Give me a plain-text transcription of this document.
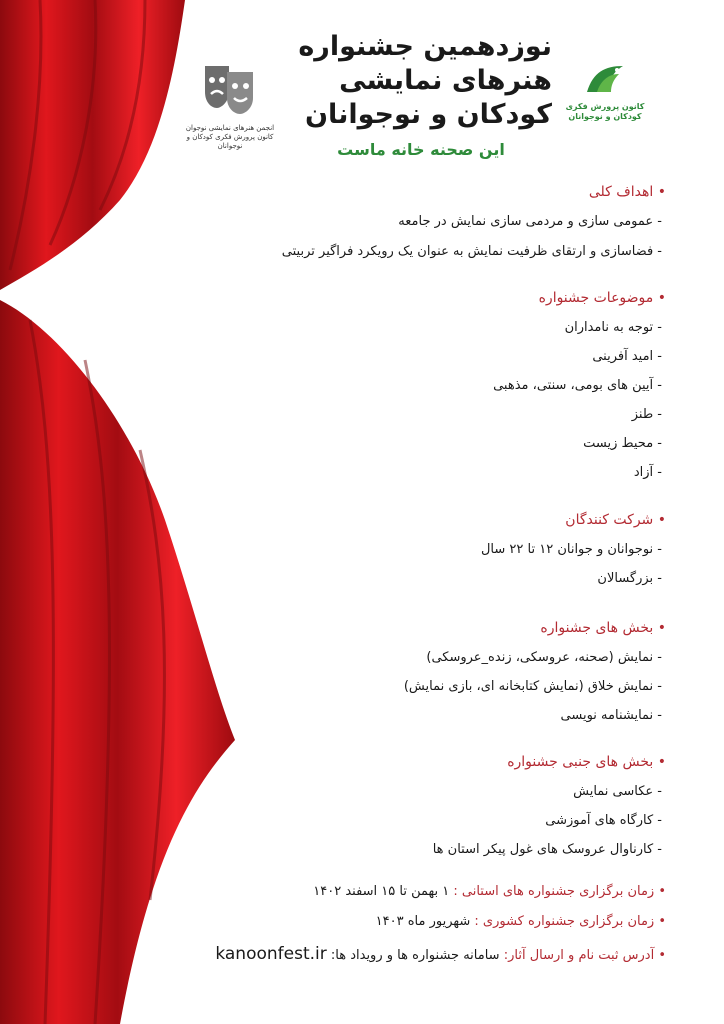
انجمن هنرهای نمایشی نوجوان
کانون پرورش فکری کودکان و نوجوانان
نوزدهمین جشنواره
هنرهای نمایشی
کودکان و نوجوانان
این صحنه خانه ماست
کانون پرورش فکری
کودکان و نوجوانان
• اهداف کلی
- عمومی سازی و مردمی سازی نمایش در جامعه
- فضاسازی و ارتقای ظرفیت نمایش به عنوان یک رویکرد فراگیر تربیتی
• موضوعات جشنواره
- توجه به نامداران
- امید آفرینی
- آیین های بومی، سنتی، مذهبی
- طنز
- محیط زیست
- آزاد
• شرکت کنندگان
- نوجوانان و جوانان ۱۲ تا ۲۲ سال
- بزرگسالان
• بخش های جشنواره
- نمایش (صحنه، عروسکی، زنده_عروسکی)
- نمایش خلاق (نمایش کتابخانه ای، بازی نمایش)
- نمایشنامه نویسی
• بخش های جنبی جشنواره
- عکاسی نمایش
- کارگاه های آموزشی
- کارناوال عروسک های غول پیکر استان ها
• زمان برگزاری جشنواره های استانی : ۱ بهمن تا ۱۵ اسفند ۱۴۰۲
• زمان برگزاری جشنواره کشوری : شهریور ماه ۱۴۰۳
• آدرس ثبت نام و ارسال آثار: سامانه جشنواره ها و رویداد ها: kanoonfest.ir
